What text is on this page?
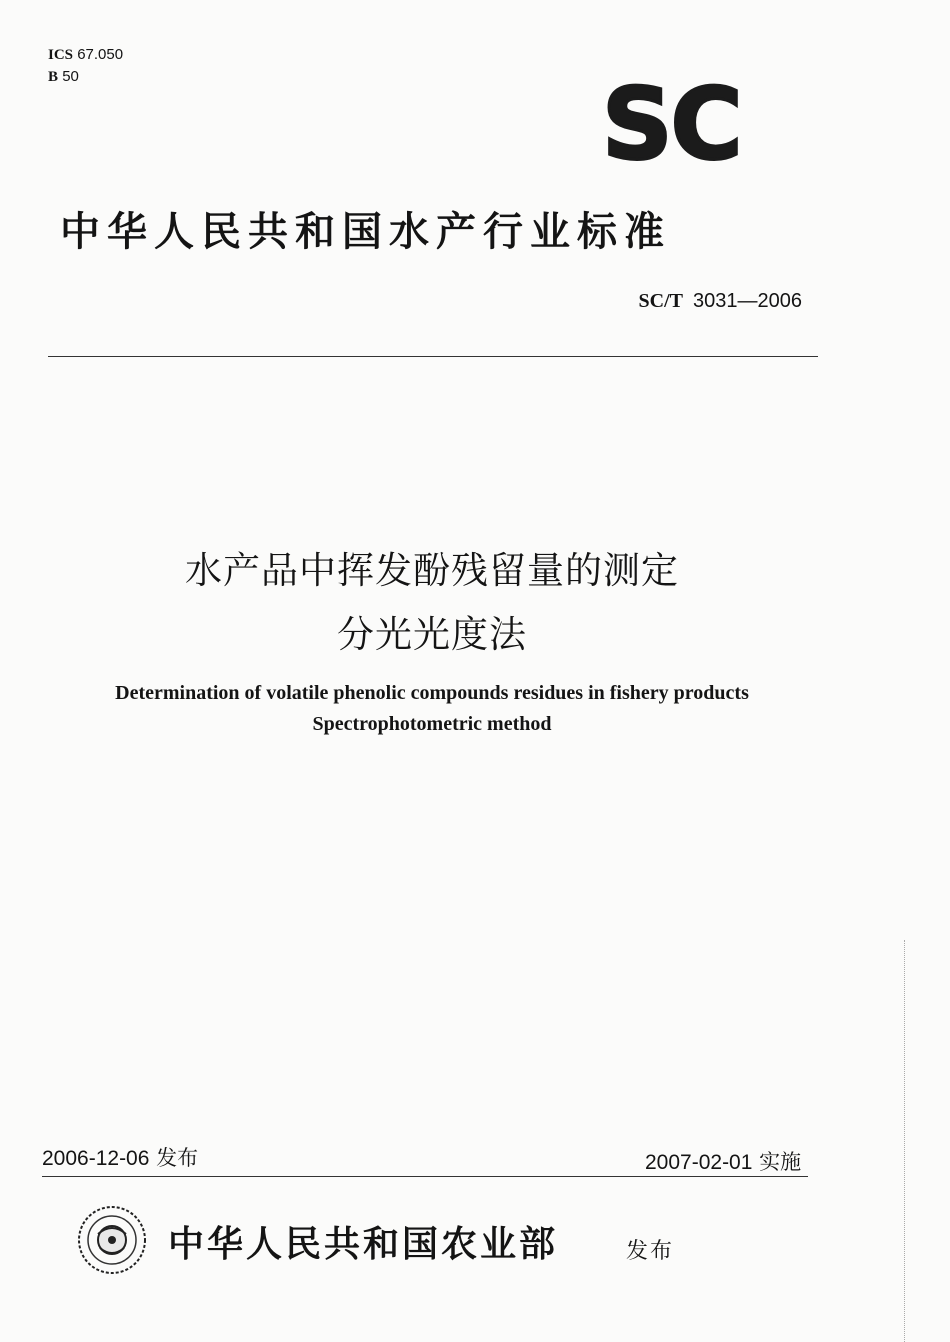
ICS 67.050
B 50	SC
中华人民共和国水产行业标准
SC/T 3031—2006
水产品中挥发酚残留量的测定
分光光度法
Determination of volatile phenolic compounds residues in fishery products
Spectrophotometric method
2006-12-06 发布	2007-02-01 实施
中华人民共和国农业部	发布
